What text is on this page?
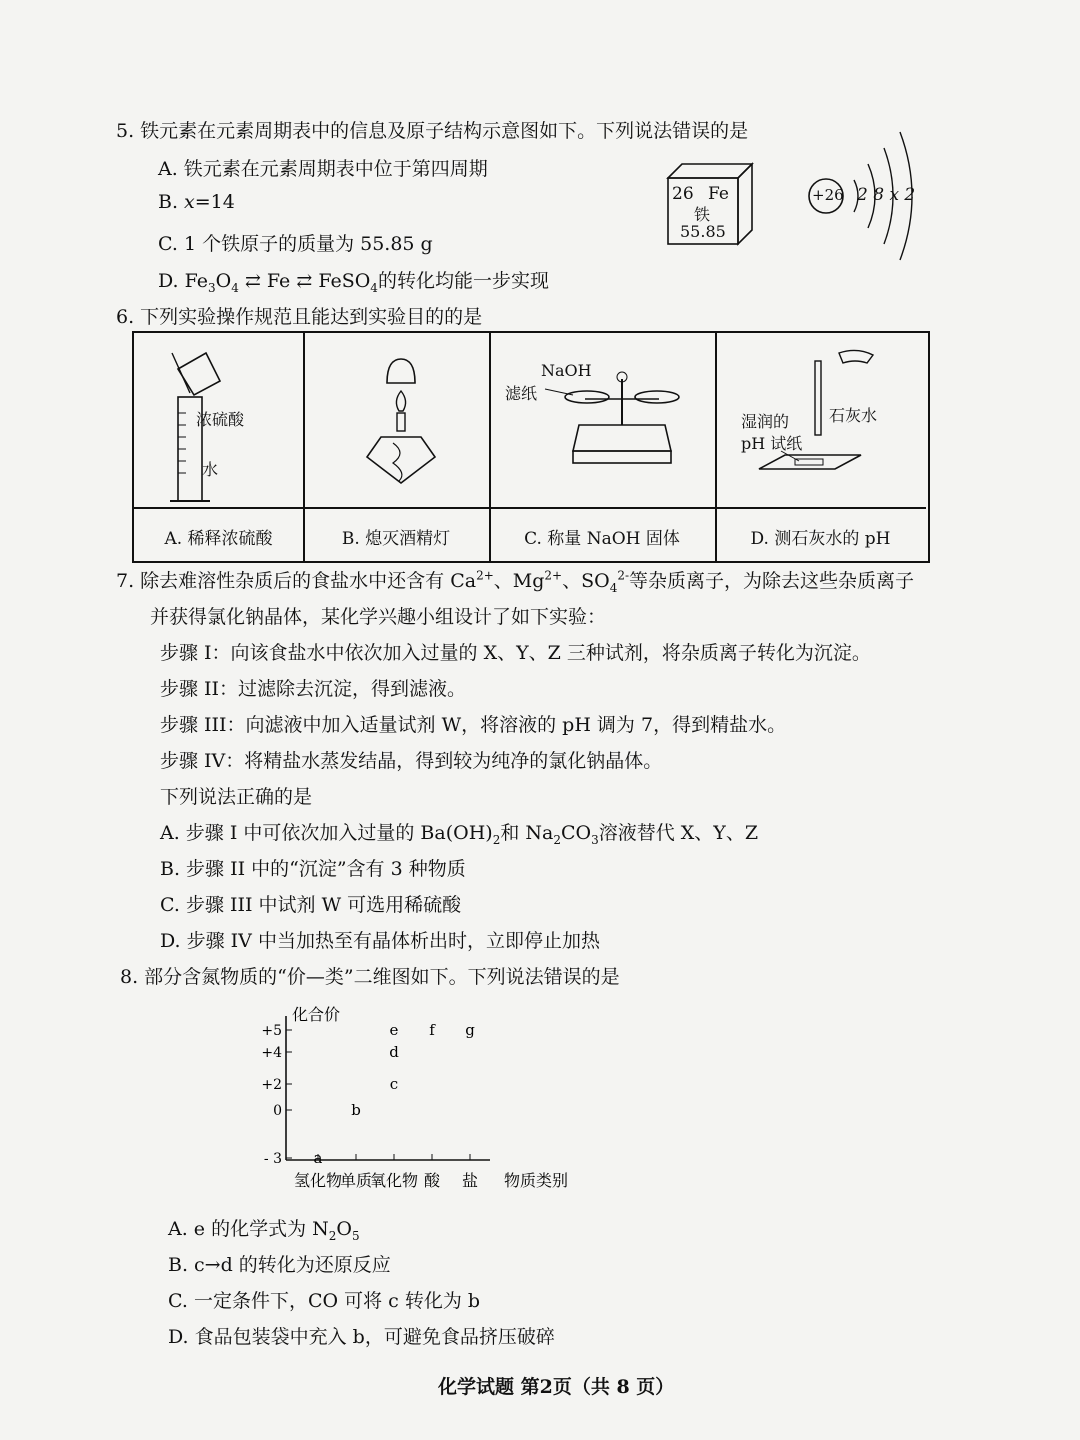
5. 铁元素在元素周期表中的信息及原子结构示意图如下。下列说法错误的是
A. 铁元素在元素周期表中位于第四周期
B. x=14
C. 1 个铁原子的质量为 55.85 g
D. $Fe_3O_4$ ⇄ Fe ⇄ FeSO$_4$的转化均能一步实现
26 Fe
铁
55.85
+26 2 8 x 2
6. 下列实验操作规范且能达到实验目的的是
浓硫酸
水
NaOH
滤纸
湿润的
pH 试纸
石灰水
A. 稀释浓硫酸	B. 熄灭酒精灯	C. 称量 NaOH 固体	D. 测石灰水的 pH
7. 除去难溶性杂质后的食盐水中还含有 $Ca^{2+}$、$Mg^{2+}$、$SO_4^{2-}$等杂质离子，为除去这些杂质离子
并获得氯化钠晶体，某化学兴趣小组设计了如下实验：
步骤 I：向该食盐水中依次加入过量的 X、Y、Z 三种试剂，将杂质离子转化为沉淀。
步骤 II：过滤除去沉淀，得到滤液。
步骤 III：向滤液中加入适量试剂 W，将溶液的 pH 调为 7，得到精盐水。
步骤 IV：将精盐水蒸发结晶，得到较为纯净的氯化钠晶体。
下列说法正确的是
A. 步骤 I 中可依次加入过量的 $Ba(OH)_2$和 $Na_2CO_3$溶液替代 X、Y、Z
B. 步骤 II 中的“沉淀”含有 3 种物质
C. 步骤 III 中试剂 W 可选用稀硫酸
D. 步骤 IV 中当加热至有晶体析出时，立即停止加热
8. 部分含氮物质的“价—类”二维图如下。下列说法错误的是
化合价
+5
+4
+2
0
- 3
氢化物
单质
氧化物 酸 盐 物质类别
a
b
c
d
e f g
A. e 的化学式为 $N_2O_5$
B. c→d 的转化为还原反应
C. 一定条件下，CO 可将 c 转化为 b
D. 食品包装袋中充入 b，可避免食品挤压破碎
化学试题 第2页（共 8 页）
